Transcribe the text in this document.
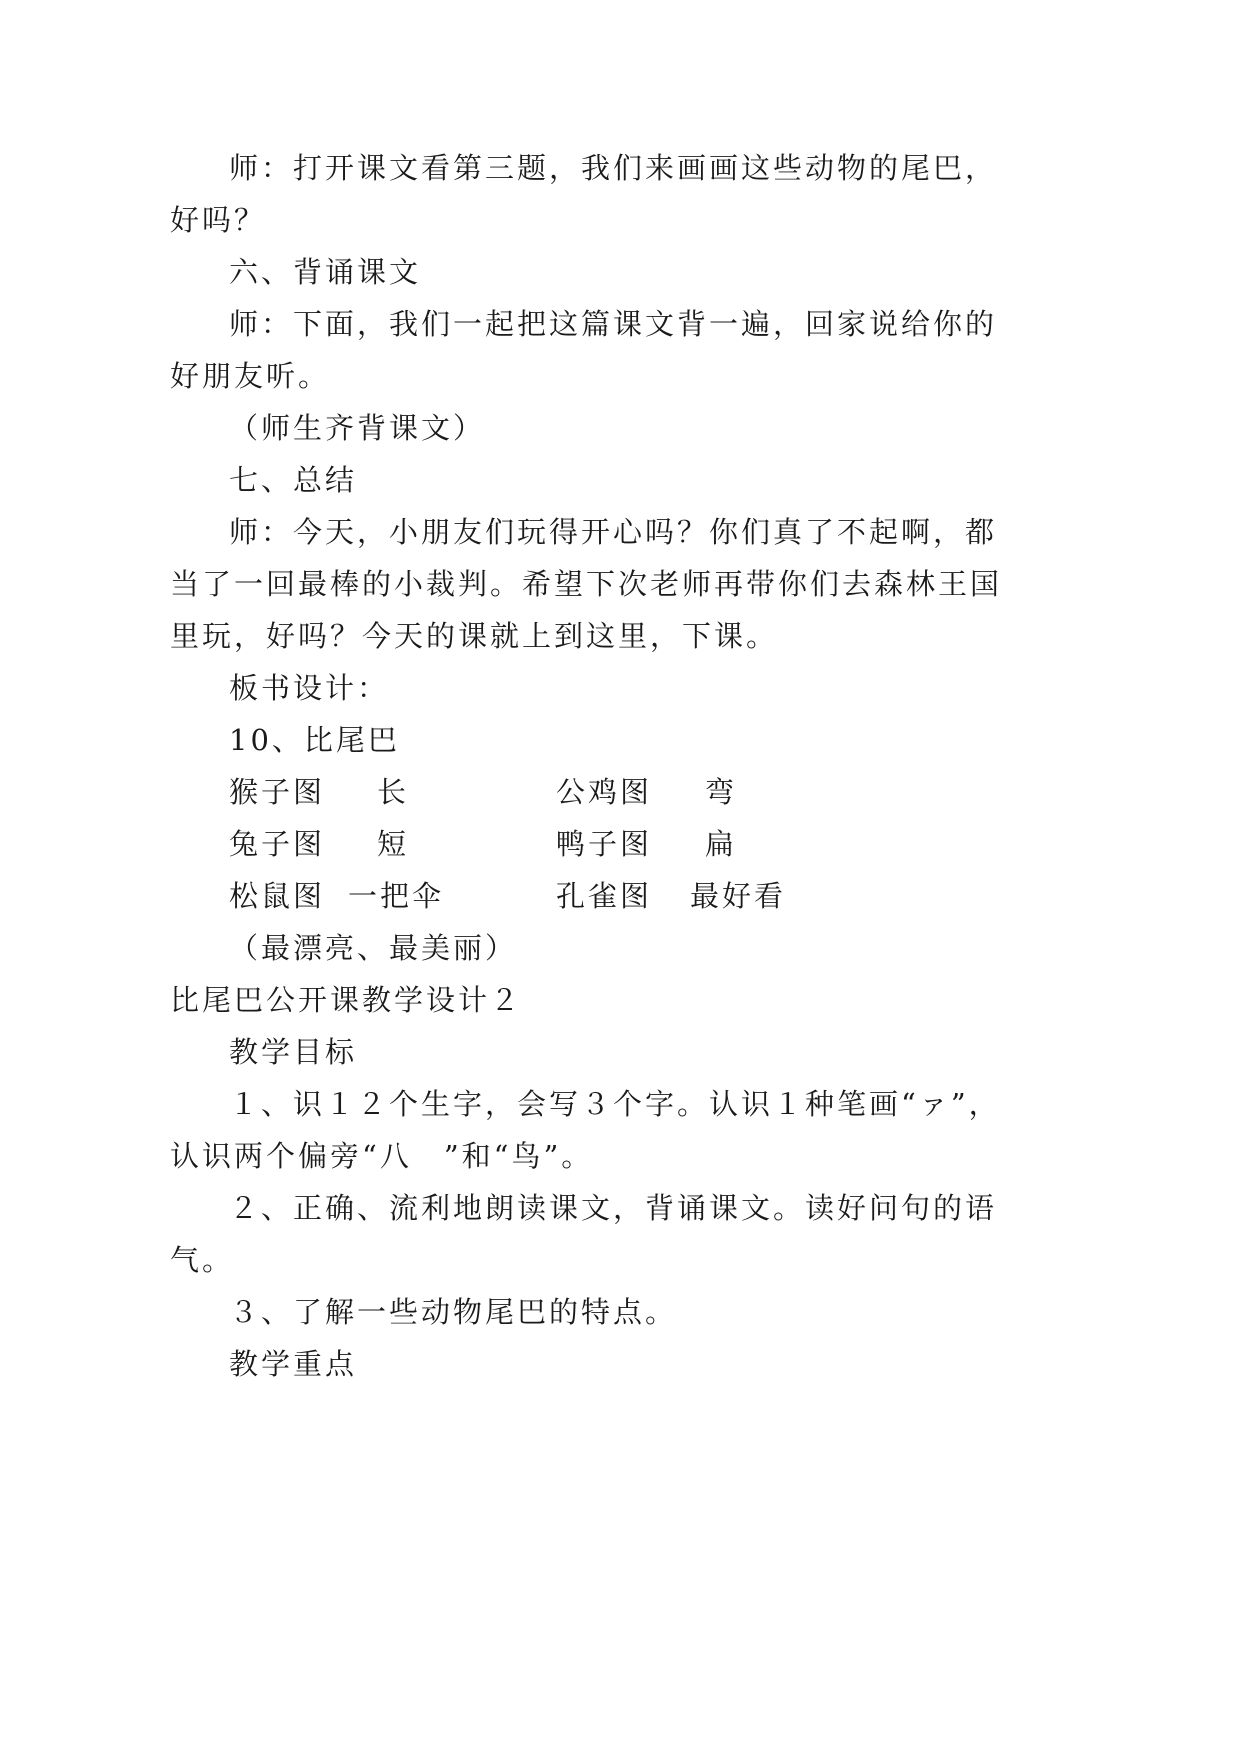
师：打开课文看第三题，我们来画画这些动物的尾巴，
好吗？
六、背诵课文
师：下面，我们一起把这篇课文背一遍，回家说给你的
好朋友听。
（师生齐背课文）
七、总结
师：今天，小朋友们玩得开心吗？你们真了不起啊，都
当了一回最棒的小裁判。希望下次老师再带你们去森林王国
里玩，好吗？今天的课就上到这里，下课。
板书设计：
10、比尾巴
猴子图 长	公鸡图 弯
兔子图 短	鸭子图 扁
松鼠图 一把伞	孔雀图 最好看
（最漂亮、最美丽）
比尾巴公开课教学设计２
教学目标
１、识１２个生字，会写３个字。认识１种笔画“ァ”，
认识两个偏旁“八　”和“鸟”。
２、正确、流利地朗读课文，背诵课文。读好问句的语
气。
３、了解一些动物尾巴的特点。
教学重点
